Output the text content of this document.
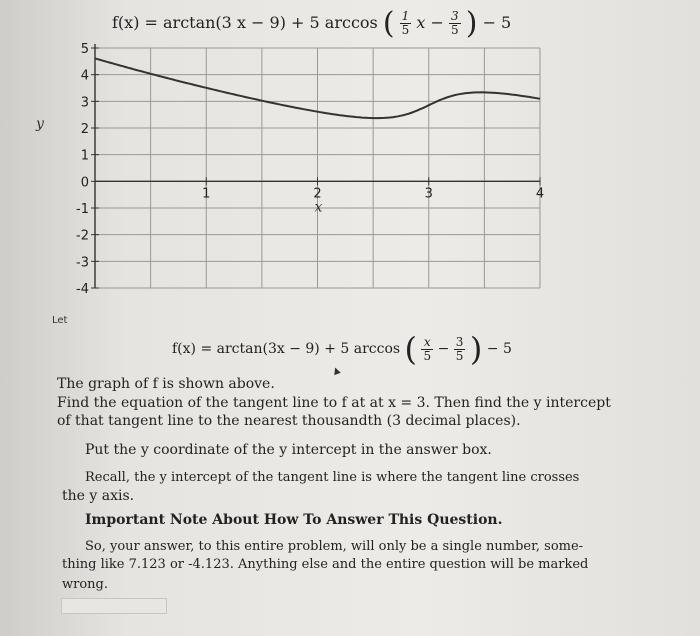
f(x) = arctan(3 x − 9) + 5 arccos ( $\frac{1}{5}$ $x - \frac{3}{5}$ ) − 5
5
4
3
2
1
0
-1
-2
-3
-4
1	2	3	4
y
x
Let
f(x) = arctan(3x − 9) + 5 arccos ( $\frac{x}{5} - \frac{3}{5}$ ) − 5
▲
The graph of f is shown above.
Find the equation of the tangent line to f at at x = 3. Then find the y intercept
of that tangent line to the nearest thousandth (3 decimal places).
Put the y coordinate of the y intercept in the answer box.
Recall, the y intercept of the tangent line is where the tangent line crosses
the y axis.
Important Note About How To Answer This Question.
So, your answer, to this entire problem, will only be a single number, some-
thing like 7.123 or -4.123. Anything else and the entire question will be marked
wrong.
